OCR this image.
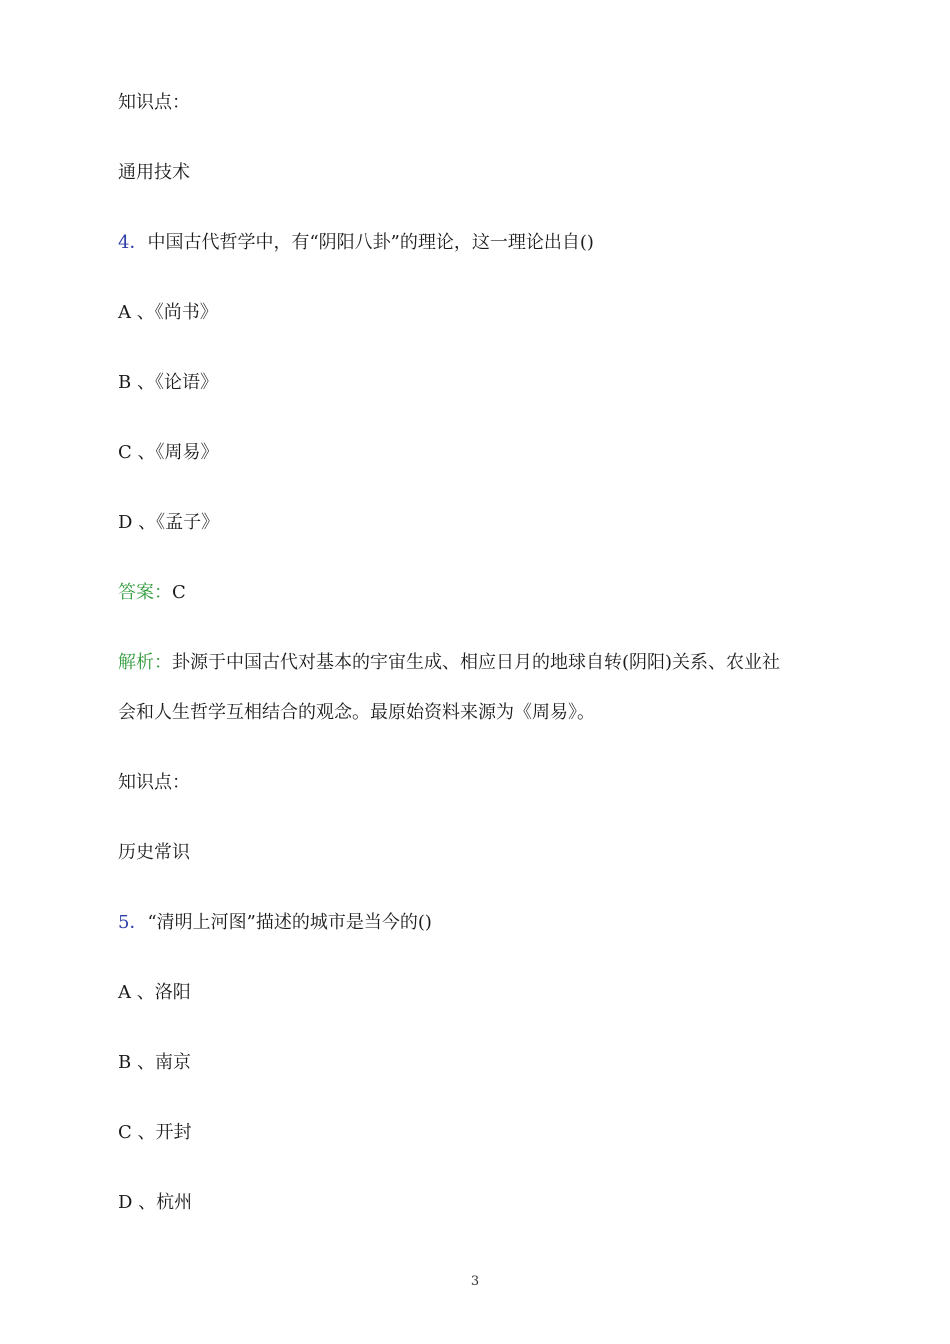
知识点：
通用技术
4．中国古代哲学中，有“阴阳八卦”的理论，这一理论出自()
A 、《尚书》
B 、《论语》
C 、《周易》
D 、《孟子》
答案：C
解析：卦源于中国古代对基本的宇宙生成、相应日月的地球自转(阴阳)关系、农业社
会和人生哲学互相结合的观念。最原始资料来源为《周易》。
知识点：
历史常识
5．“清明上河图”描述的城市是当今的()
A 、洛阳
B 、南京
C 、开封
D 、杭州
3
